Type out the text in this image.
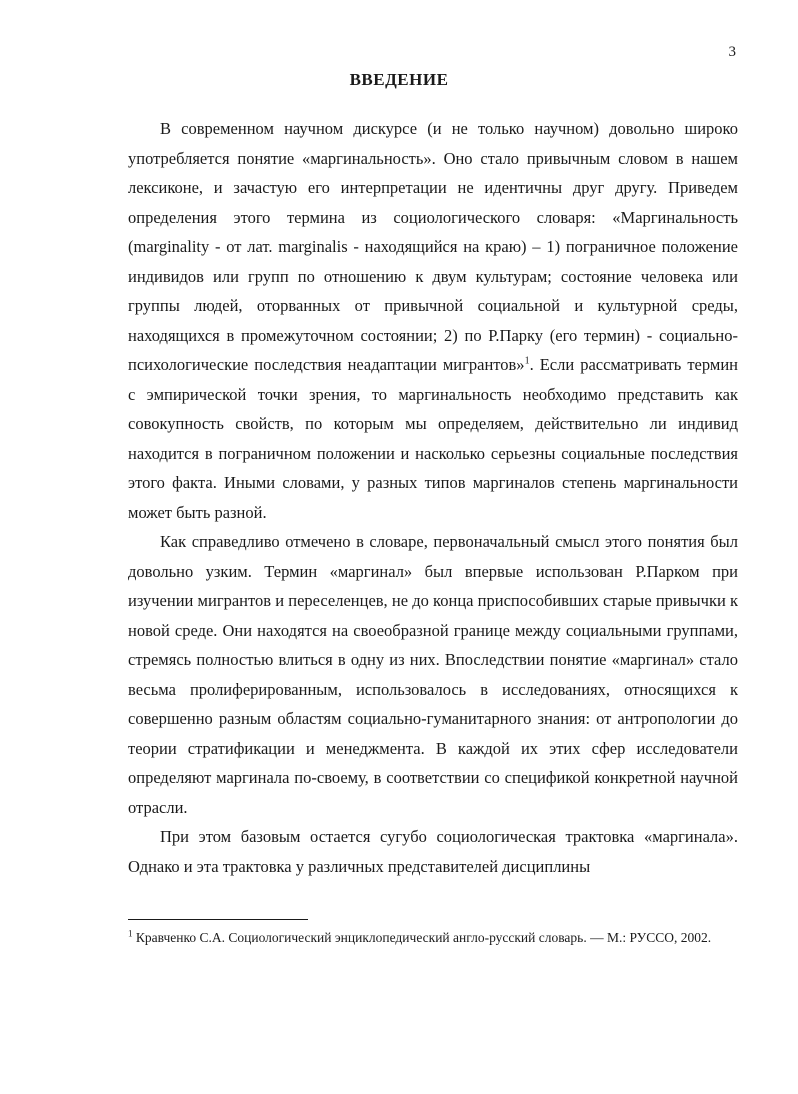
3
ВВЕДЕНИЕ

В современном научном дискурсе (и не только научном) довольно широко употребляется понятие «маргинальность». Оно стало привычным словом в нашем лексиконе, и зачастую его интерпретации не идентичны друг другу. Приведем определения этого термина из социологического словаря: «Маргинальность (marginality - от лат. marginalis - находящийся на краю) – 1) пограничное положение индивидов или групп по отношению к двум культурам; состояние человека или группы людей, оторванных от привычной социальной и культурной среды, находящихся в промежуточном состоянии; 2) по Р.Парку (его термин) - социально-психологические последствия неадаптации мигрантов»$^1$. Если рассматривать термин с эмпирической точки зрения, то маргинальность необходимо представить как совокупность свойств, по которым мы определяем, действительно ли индивид находится в пограничном положении и насколько серьезны социальные последствия этого факта. Иными словами, у разных типов маргиналов степень маргинальности может быть разной.

Как справедливо отмечено в словаре, первоначальный смысл этого понятия был довольно узким. Термин «маргинал» был впервые использован Р.Парком при изучении мигрантов и переселенцев, не до конца приспособивших старые привычки к новой среде. Они находятся на своеобразной границе между социальными группами, стремясь полностью влиться в одну из них. Впоследствии понятие «маргинал» стало весьма пролиферированным, использовалось в исследованиях, относящихся к совершенно разным областям социально-гуманитарного знания: от антропологии до теории стратификации и менеджмента. В каждой их этих сфер исследователи определяют маргинала по-своему, в соответствии со спецификой конкретной научной отрасли.

При этом базовым остается сугубо социологическая трактовка «маргинала». Однако и эта трактовка у различных представителей дисциплины

$^1$ Кравченко С.А. Социологический энциклопедический англо-русский словарь. — М.: РУССО, 2002.
